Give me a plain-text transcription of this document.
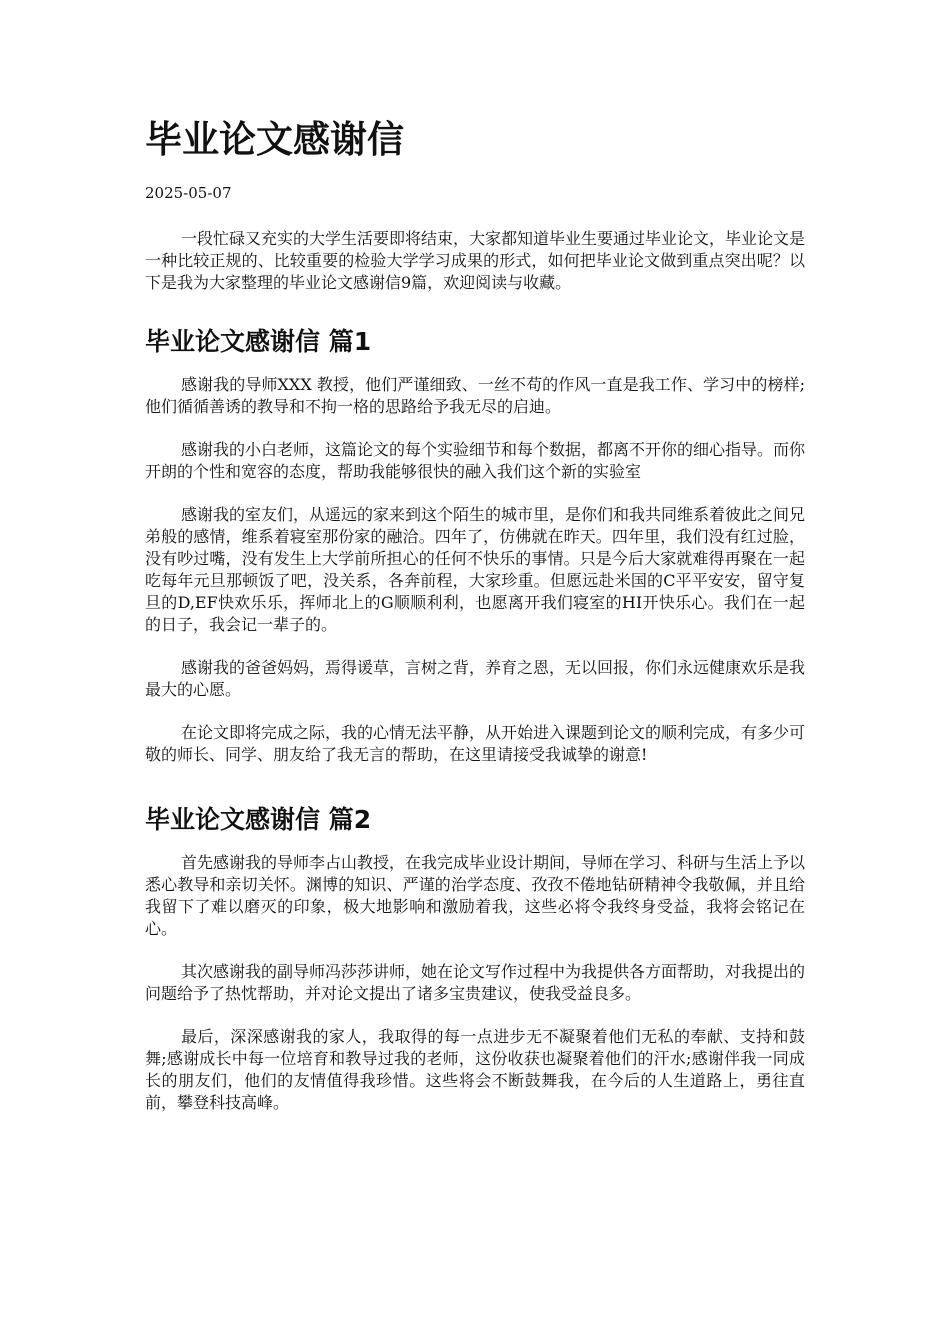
毕业论文感谢信
2025-05-07

一段忙碌又充实的大学生活要即将结束，大家都知道毕业生要通过毕业论文，毕业论文是一种比较正规的、比较重要的检验大学学习成果的形式，如何把毕业论文做到重点突出呢？以下是我为大家整理的毕业论文感谢信9篇，欢迎阅读与收藏。

毕业论文感谢信 篇1

感谢我的导师XXX 教授，他们严谨细致、一丝不苟的作风一直是我工作、学习中的榜样;他们循循善诱的教导和不拘一格的思路给予我无尽的启迪。

感谢我的小白老师，这篇论文的每个实验细节和每个数据，都离不开你的细心指导。而你开朗的个性和宽容的态度，帮助我能够很快的融入我们这个新的实验室

感谢我的室友们，从遥远的家来到这个陌生的城市里，是你们和我共同维系着彼此之间兄弟般的感情，维系着寝室那份家的融洽。四年了，仿佛就在昨天。四年里，我们没有红过脸，没有吵过嘴，没有发生上大学前所担心的任何不快乐的事情。只是今后大家就难得再聚在一起吃每年元旦那顿饭了吧，没关系，各奔前程，大家珍重。但愿远赴米国的C平平安安，留守复旦的D,EF快欢乐乐，挥师北上的G顺顺利利，也愿离开我们寝室的HI开快乐心。我们在一起的日子，我会记一辈子的。

感谢我的爸爸妈妈，焉得谖草，言树之背，养育之恩，无以回报，你们永远健康欢乐是我最大的心愿。

在论文即将完成之际，我的心情无法平静，从开始进入课题到论文的顺利完成，有多少可敬的师长、同学、朋友给了我无言的帮助，在这里请接受我诚挚的谢意!

毕业论文感谢信 篇2

首先感谢我的导师李占山教授，在我完成毕业设计期间，导师在学习、科研与生活上予以悉心教导和亲切关怀。渊博的知识、严谨的治学态度、孜孜不倦地钻研精神令我敬佩，并且给我留下了难以磨灭的印象，极大地影响和激励着我，这些必将令我终身受益，我将会铭记在心。

其次感谢我的副导师冯莎莎讲师，她在论文写作过程中为我提供各方面帮助，对我提出的问题给予了热忱帮助，并对论文提出了诸多宝贵建议，使我受益良多。

最后，深深感谢我的家人，我取得的每一点进步无不凝聚着他们无私的奉献、支持和鼓舞;感谢成长中每一位培育和教导过我的老师，这份收获也凝聚着他们的汗水;感谢伴我一同成长的朋友们，他们的友情值得我珍惜。这些将会不断鼓舞我，在今后的人生道路上，勇往直前，攀登科技高峰。
